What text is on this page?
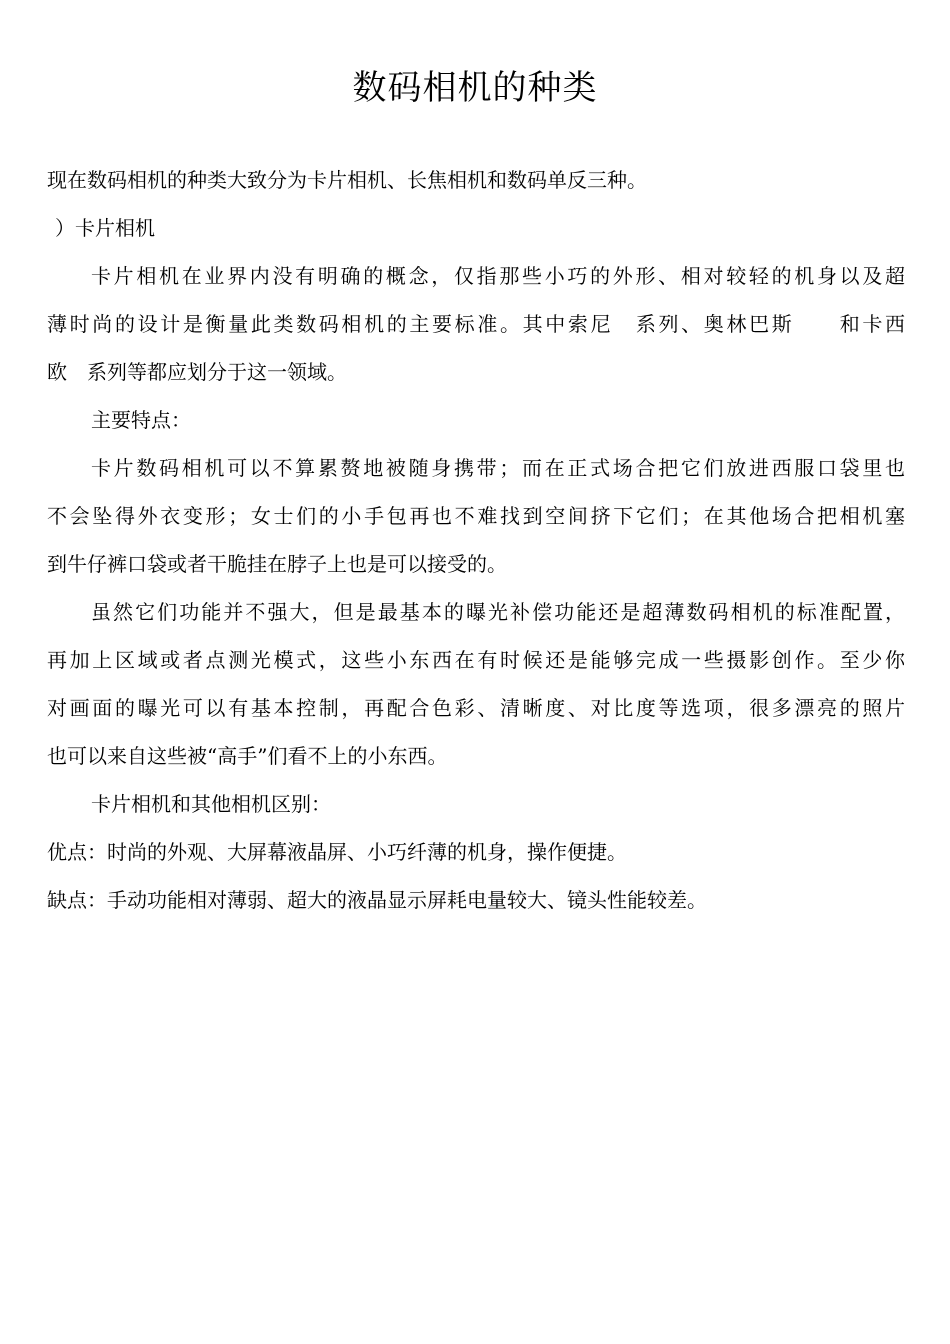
数码相机的种类

现在数码相机的种类大致分为卡片相机、长焦相机和数码单反三种。

）卡片相机

卡片相机在业界内没有明确的概念，仅指那些小巧的外形、相对较轻的机身以及超

薄时尚的设计是衡量此类数码相机的主要标准。其中索尼　系列、奥林巴斯　　和卡西

欧　系列等都应划分于这一领域。

主要特点：

卡片数码相机可以不算累赘地被随身携带；而在正式场合把它们放进西服口袋里也

不会坠得外衣变形；女士们的小手包再也不难找到空间挤下它们；在其他场合把相机塞

到牛仔裤口袋或者干脆挂在脖子上也是可以接受的。

虽然它们功能并不强大，但是最基本的曝光补偿功能还是超薄数码相机的标准配置，

再加上区域或者点测光模式，这些小东西在有时候还是能够完成一些摄影创作。至少你

对画面的曝光可以有基本控制，再配合色彩、清晰度、对比度等选项，很多漂亮的照片

也可以来自这些被“高手”们看不上的小东西。

卡片相机和其他相机区别：

优点：时尚的外观、大屏幕液晶屏、小巧纤薄的机身，操作便捷。

缺点：手动功能相对薄弱、超大的液晶显示屏耗电量较大、镜头性能较差。
